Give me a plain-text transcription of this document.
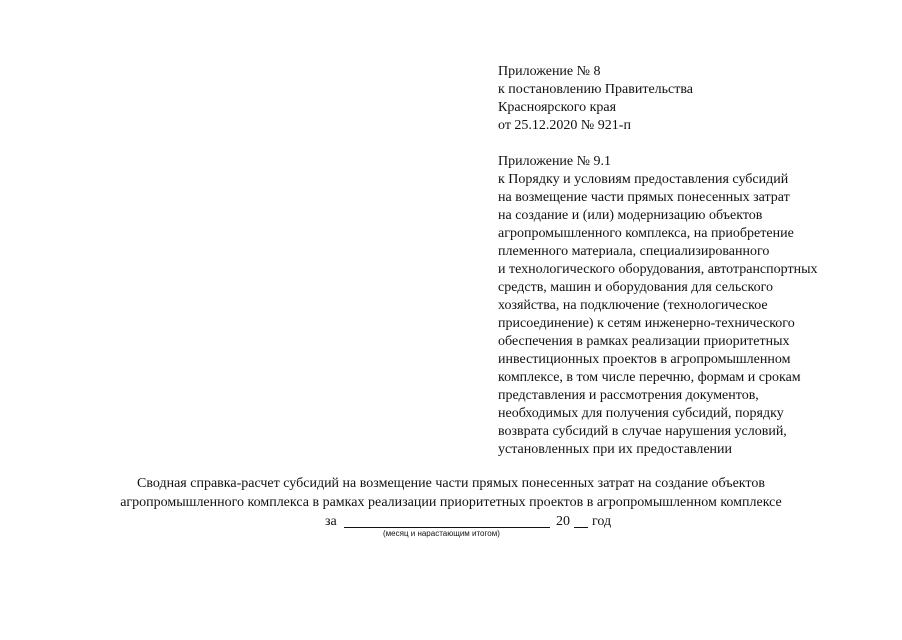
Приложение № 8
к постановлению Правительства
Красноярского края
от 25.12.2020 № 921-п
Приложение № 9.1
к Порядку и условиям предоставления субсидий
на возмещение части прямых понесенных затрат
на создание и (или) модернизацию объектов
агропромышленного комплекса, на приобретение
племенного материала, специализированного
и технологического оборудования, автотранспортных
средств, машин и оборудования для сельского
хозяйства, на подключение (технологическое
присоединение) к сетям инженерно-технического
обеспечения в рамках реализации приоритетных
инвестиционных проектов в агропромышленном
комплексе, в том числе перечню, формам и срокам
представления и рассмотрения документов,
необходимых для получения субсидий, порядку
возврата субсидий в случае нарушения условий,
установленных при их предоставлении
Сводная справка-расчет субсидий на возмещение части прямых понесенных затрат на создание объектов
агропромышленного комплекса в рамках реализации приоритетных проектов в агропромышленном комплексе
за	20 год
(месяц и нарастающим итогом)
